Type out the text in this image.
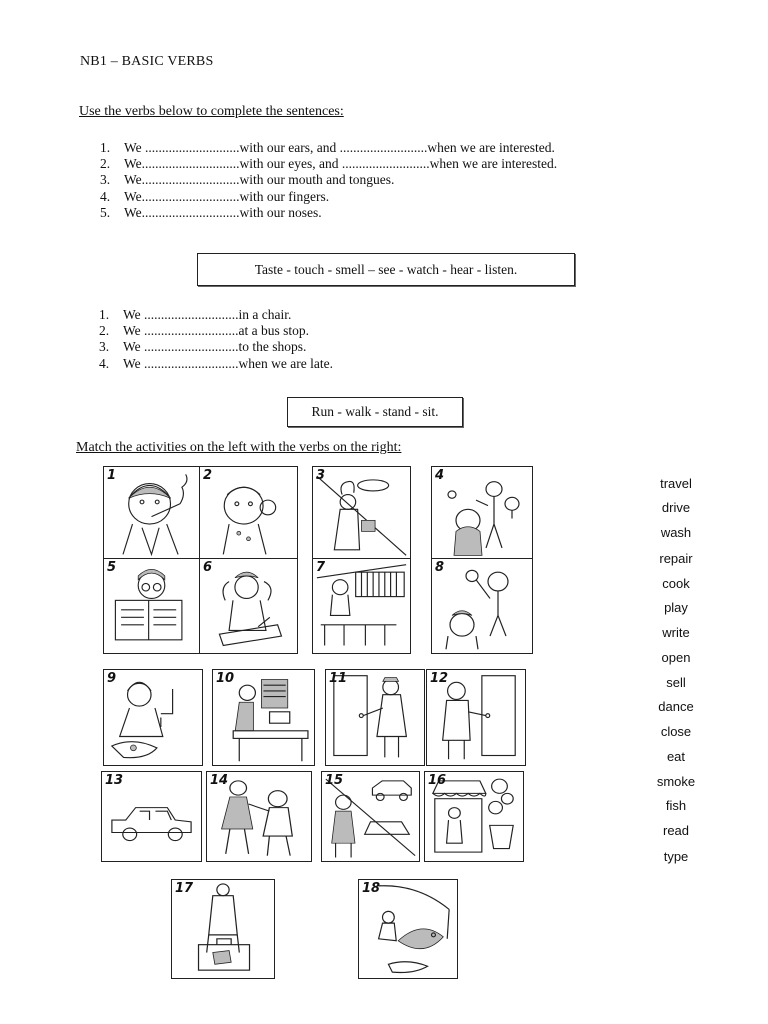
NB1 – BASIC VERBS
Use the verbs below to complete the sentences:
1. We ............................with our ears, and ..........................when we are interested.
2. We.............................with our eyes, and ..........................when we are interested.
3. We.............................with our mouth and tongues.
4. We.............................with our fingers.
5. We.............................with our noses.
Taste - touch - smell – see - watch - hear - listen.
1. We ............................in a chair.
2. We ............................at a bus stop.
3. We ............................to the shops.
4. We ............................when we are late.
Run - walk - stand - sit.
Match the activities on the left with the verbs on the right:
1	2	3	4
5	6	7	8
9	10	11	12
13	14	15	16
17	18
travel
drive
wash
repair
cook
play
write
open
sell
dance
close
eat
smoke
fish
read
type
